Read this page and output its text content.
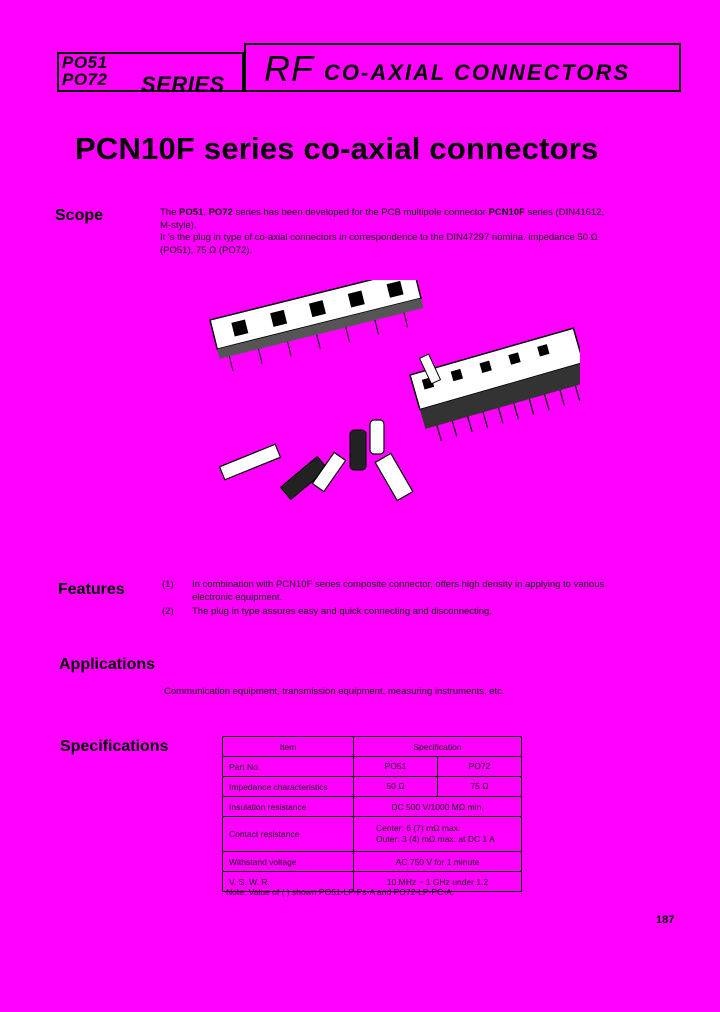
PO51
PO72 SERIES RF CO-AXIAL CONNECTORS
PCN10F series co-axial connectors
Scope	The PO51, PO72 series has been developed for the PCB multipole connector PCN10F series (DIN41612,
M-style).
It 's the plug in type of co-axial connectors in correspondence to the DIN47297 nomina. impedance 50 Ω
(PO51), 75 Ω (PO72).
Features	(1)	In combination with PCN10F series composite connector, offers high density in applying to various
electronic equipment.
(2)	The plug in type assures easy and quick connecting and disconnecting.
Applications
Communication equipment, transmission equipment, measuring instruments, etc.
Specifications	Item	Specification
Part No.	PO51 PO72

Impedance characteristics	50 Ω 75 Ω

Insulation resistance	DC 500 V/1000 MΩ min.
Contact resistance	Center: 6 (7) mΩ max.
Outer: 3 (4) mΩ max. at DC 1 A

Withstand voltage	AC 750 V for 1 minute
V. S. W. R.	10 MHz ~ 1 GHz under 1.2
Note: Value of ( ) shown PO51-LP-Ps-A and PO72-LP-PC-A.
187
